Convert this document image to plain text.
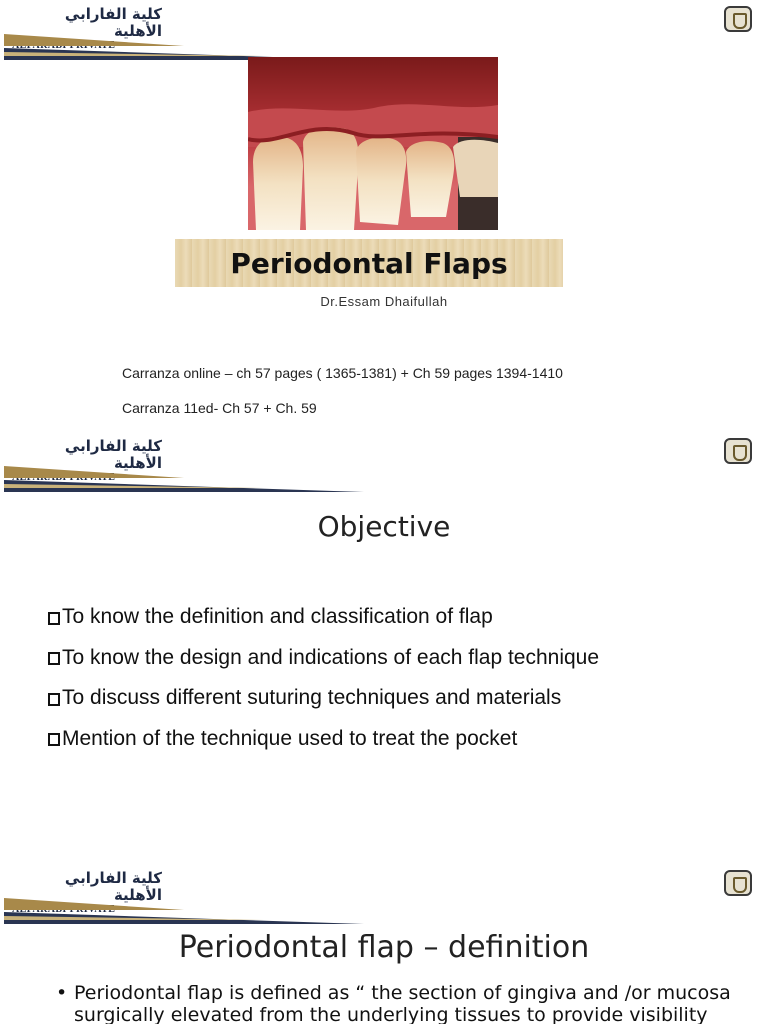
كلية الفارابي الأهلية
Periodontal Flaps
Dr.Essam Dhaifullah
Carranza online – ch 57 pages ( 1365-1381) + Ch 59 pages 1394-1410
Carranza 11ed- Ch 57 + Ch. 59
كلية الفارابي الأهلية
Objective
To know the definition and classification of flap
To know the design and indications of each flap technique
To discuss different suturing techniques and materials
Mention of the technique used to treat the pocket
كلية الفارابي الأهلية
Periodontal flap – definition
• Periodontal flap is defined as “ the section of gingiva and /or mucosa surgically elevated from the underlying tissues to provide visibility
